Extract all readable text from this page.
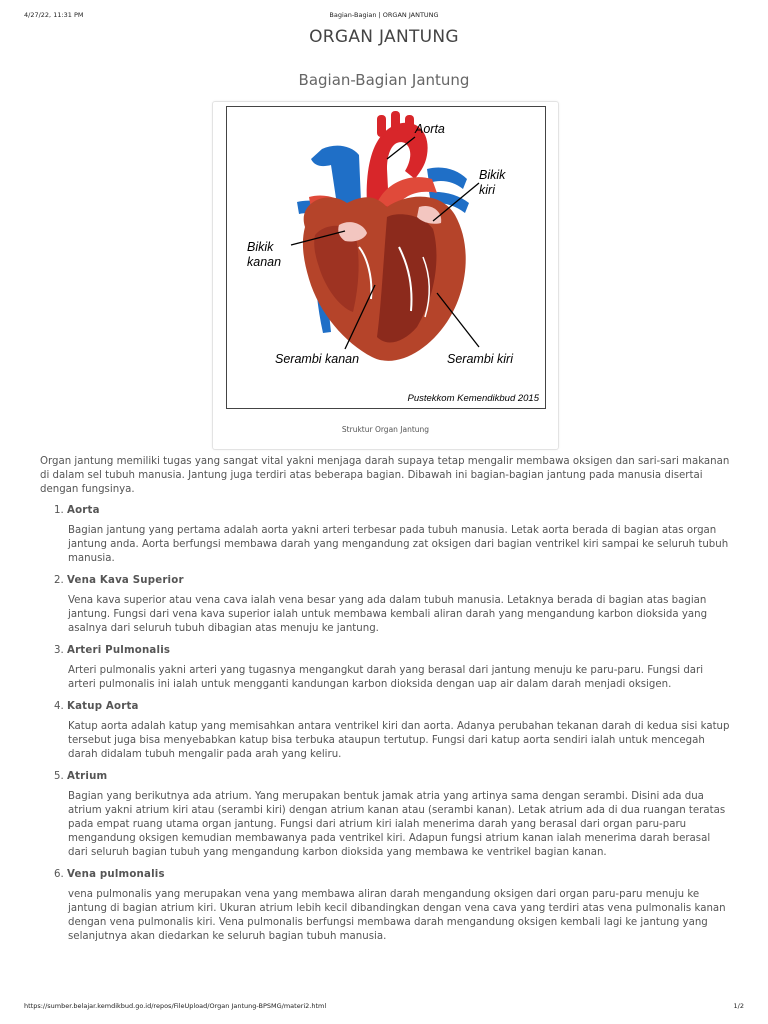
4/27/22, 11:31 PM	Bagian-Bagian | ORGAN JANTUNG
ORGAN JANTUNG
Bagian-Bagian Jantung
Aorta
Bikik
kiri
Bikik
kanan
Serambi kanan	Serambi kiri
Pustekkom Kemendikbud 2015
Struktur Organ Jantung

Organ jantung memiliki tugas yang sangat vital yakni menjaga darah supaya tetap mengalir membawa oksigen dan sari-sari makanan di dalam sel tubuh manusia. Jantung juga terdiri atas beberapa bagian. Dibawah ini bagian-bagian jantung pada manusia disertai dengan fungsinya.

1. Aorta
Bagian jantung yang pertama adalah aorta yakni arteri terbesar pada tubuh manusia. Letak aorta berada di bagian atas organ jantung anda. Aorta berfungsi membawa darah yang mengandung zat oksigen dari bagian ventrikel kiri sampai ke seluruh tubuh manusia.
2. Vena Kava Superior
Vena kava superior atau vena cava ialah vena besar yang ada dalam tubuh manusia. Letaknya berada di bagian atas bagian jantung. Fungsi dari vena kava superior ialah untuk membawa kembali aliran darah yang mengandung karbon dioksida yang asalnya dari seluruh tubuh dibagian atas menuju ke jantung.
3. Arteri Pulmonalis
Arteri pulmonalis yakni arteri yang tugasnya mengangkut darah yang berasal dari jantung menuju ke paru-paru. Fungsi dari arteri pulmonalis ini ialah untuk mengganti kandungan karbon dioksida dengan uap air dalam darah menjadi oksigen.
4. Katup Aorta
Katup aorta adalah katup yang memisahkan antara ventrikel kiri dan aorta. Adanya perubahan tekanan darah di kedua sisi katup tersebut juga bisa menyebabkan katup bisa terbuka ataupun tertutup. Fungsi dari katup aorta sendiri ialah untuk mencegah darah didalam tubuh mengalir pada arah yang keliru.
5. Atrium
Bagian yang berikutnya ada atrium. Yang merupakan bentuk jamak atria yang artinya sama dengan serambi. Disini ada dua atrium yakni atrium kiri atau (serambi kiri) dengan atrium kanan atau (serambi kanan). Letak atrium ada di dua ruangan teratas pada empat ruang utama organ jantung. Fungsi dari atrium kiri ialah menerima darah yang berasal dari organ paru-paru mengandung oksigen kemudian membawanya pada ventrikel kiri. Adapun fungsi atrium kanan ialah menerima darah berasal dari seluruh bagian tubuh yang mengandung karbon dioksida yang membawa ke ventrikel bagian kanan.
6. Vena pulmonalis
vena pulmonalis yang merupakan vena yang membawa aliran darah mengandung oksigen dari organ paru-paru menuju ke jantung di bagian atrium kiri. Ukuran atrium lebih kecil dibandingkan dengan vena cava yang terdiri atas vena pulmonalis kanan dengan vena pulmonalis kiri. Vena pulmonalis berfungsi membawa darah mengandung oksigen kembali lagi ke jantung yang selanjutnya akan diedarkan ke seluruh bagian tubuh manusia.
https://sumber.belajar.kemdikbud.go.id/repos/FileUpload/Organ Jantung-BPSMG/materi2.html	1/2
